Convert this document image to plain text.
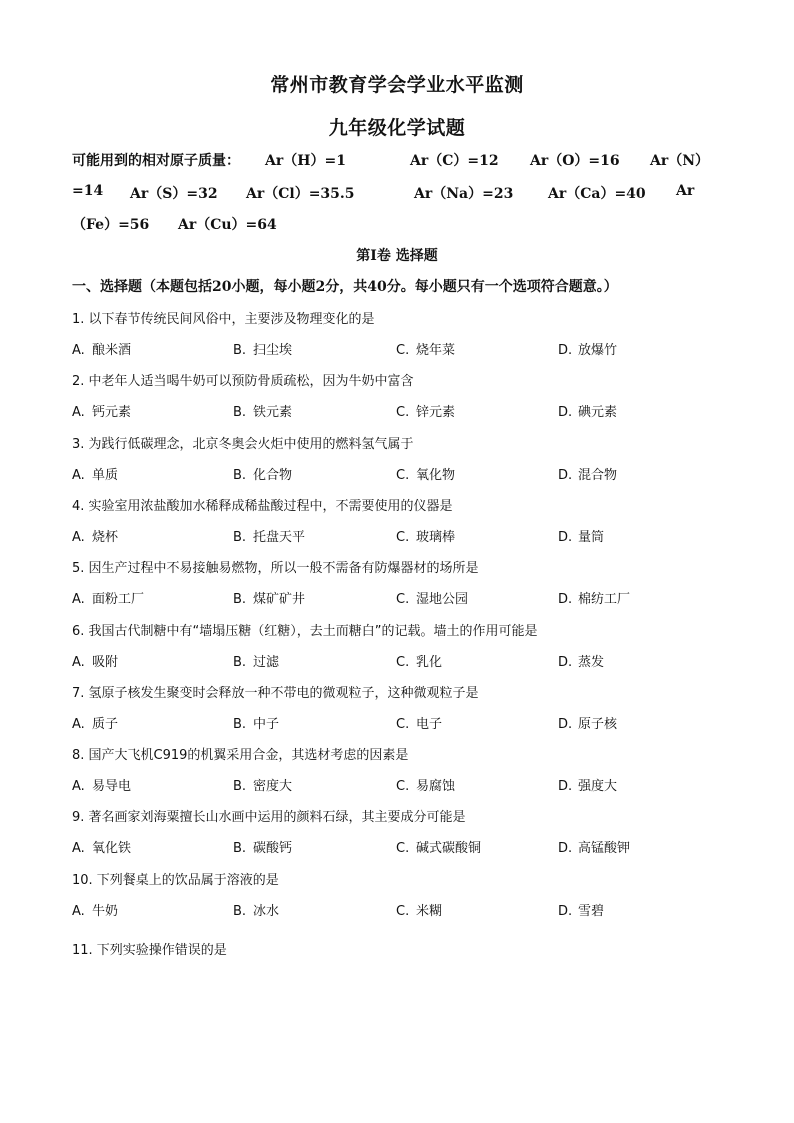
常州市教育学会学业水平监测
九年级化学试题
可能用到的相对原子质量： Ar（H）=1	Ar（C）=12 Ar（O）=16 Ar（N）
=14 Ar（S）=32 Ar（Cl）=35.5	Ar（Na）=23 Ar（Ca）=40 Ar
（Fe）=56 Ar（Cu）=64
第Ⅰ卷 选择题
一、选择题（本题包括20小题，每小题2分，共40分。每小题只有一个选项符合题意。）
1. 以下春节传统民间风俗中，主要涉及物理变化的是
A. 酿米酒	B. 扫尘埃	C. 烧年菜	D. 放爆竹
2. 中老年人适当喝牛奶可以预防骨质疏松，因为牛奶中富含
A. 钙元素	B. 铁元素	C. 锌元素	D. 碘元素
3. 为践行低碳理念，北京冬奥会火炬中使用的燃料氢气属于
A. 单质	B. 化合物	C. 氧化物	D. 混合物
4. 实验室用浓盐酸加水稀释成稀盐酸过程中，不需要使用的仪器是
A. 烧杯	B. 托盘天平	C. 玻璃棒	D. 量筒
5. 因生产过程中不易接触易燃物，所以一般不需备有防爆器材的场所是
A. 面粉工厂	B. 煤矿矿井	C. 湿地公园	D. 棉纺工厂
6. 我国古代制糖中有“墙塌压糖（红糖），去土而糖白”的记载。墙土的作用可能是
A. 吸附	B. 过滤	C. 乳化	D. 蒸发
7. 氢原子核发生聚变时会释放一种不带电的微观粒子，这种微观粒子是
A. 质子	B. 中子	C. 电子	D. 原子核
8. 国产大飞机C919的机翼采用合金，其选材考虑的因素是
A. 易导电	B. 密度大	C. 易腐蚀	D. 强度大
9. 著名画家刘海粟擅长山水画中运用的颜料石绿，其主要成分可能是
A. 氧化铁	B. 碳酸钙	C. 碱式碳酸铜	D. 高锰酸钾
10. 下列餐桌上的饮品属于溶液的是
A. 牛奶	B. 冰水	C. 米糊	D. 雪碧
11. 下列实验操作错误的是
